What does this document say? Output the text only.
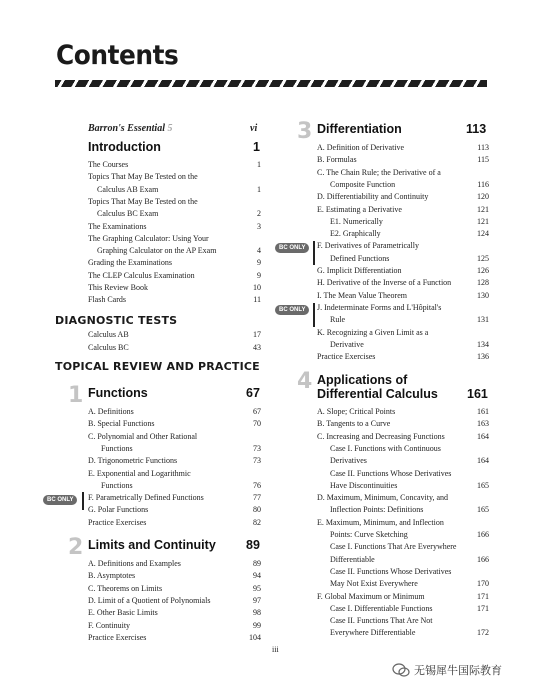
Contents
Barron's Essential 5	vi
Introduction	1
The Courses	1
Topics That May Be Tested on the
Calculus AB Exam	1
Topics That May Be Tested on the
Calculus BC Exam	2
The Examinations	3
The Graphing Calculator: Using Your
Graphing Calculator on the AP Exam	4
Grading the Examinations	9
The CLEP Calculus Examination	9
This Review Book	10
Flash Cards	11
DIAGNOSTIC TESTS
Calculus AB	17
Calculus BC	43
TOPICAL REVIEW AND PRACTICE
1 Functions	67
A. Definitions	67
B. Special Functions	70
C. Polynomial and Other Rational
Functions	73
D. Trigonometric Functions	73
E. Exponential and Logarithmic
Functions	76
F. Parametrically Defined Functions	77
G. Polar Functions	80
Practice Exercises	82
BC ONLY
2 Limits and Continuity 89
A. Definitions and Examples	89
B. Asymptotes	94
C. Theorems on Limits	95
D. Limit of a Quotient of Polynomials	97
E. Other Basic Limits	98
F. Continuity	99
Practice Exercises	104
3 Differentiation	113
A. Definition of Derivative	113
B. Formulas	115
C. The Chain Rule; the Derivative of a
Composite Function	116
D. Differentiability and Continuity	120
E. Estimating a Derivative	121
E1. Numerically	121
E2. Graphically	124
F. Derivatives of Parametrically
Defined Functions	125
G. Implicit Differentiation	126
H. Derivative of the Inverse of a Function	128
I. The Mean Value Theorem	130
J. Indeterminate Forms and L'Hôpital's
Rule	131
K. Recognizing a Given Limit as a
Derivative	134
Practice Exercises	136
BC ONLY
BC ONLY
4 Applications of
Differential Calculus 161
A. Slope; Critical Points	161
B. Tangents to a Curve	163
C. Increasing and Decreasing Functions	164
Case I. Functions with Continuous
Derivatives	164
Case II. Functions Whose Derivatives
Have Discontinuities	165
D. Maximum, Minimum, Concavity, and
Inflection Points: Definitions	165
E. Maximum, Minimum, and Inflection
Points: Curve Sketching	166
Case I. Functions That Are Everywhere
Differentiable	166
Case II. Functions Whose Derivatives
May Not Exist Everywhere	170
F. Global Maximum or Minimum	171
Case I. Differentiable Functions	171
Case II. Functions That Are Not
Everywhere Differentiable	172
iii
无锡犀牛国际教育
